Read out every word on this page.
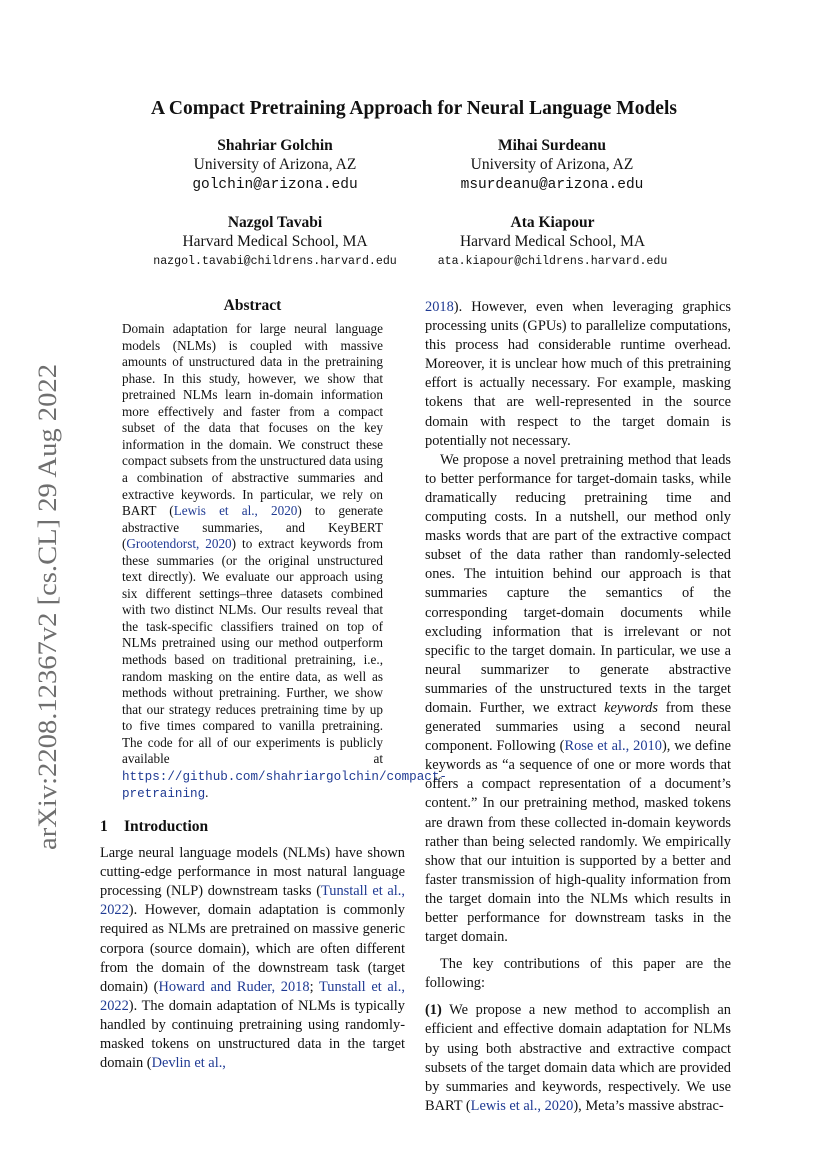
arXiv:2208.12367v2 [cs.CL] 29 Aug 2022
A Compact Pretraining Approach for Neural Language Models
Shahriar Golchin
University of Arizona, AZ
golchin@arizona.edu
Mihai Surdeanu
University of Arizona, AZ
msurdeanu@arizona.edu
Nazgol Tavabi
Harvard Medical School, MA
nazgol.tavabi@childrens.harvard.edu
Ata Kiapour
Harvard Medical School, MA
ata.kiapour@childrens.harvard.edu
Abstract
Domain adaptation for large neural language models (NLMs) is coupled with massive amounts of unstructured data in the pretraining phase. In this study, however, we show that pretrained NLMs learn in-domain information more effectively and faster from a compact subset of the data that focuses on the key information in the domain. We construct these compact subsets from the unstructured data using a combination of abstractive summaries and extractive keywords. In particular, we rely on BART (Lewis et al., 2020) to generate abstractive summaries, and KeyBERT (Grootendorst, 2020) to extract keywords from these summaries (or the original unstructured text directly). We evaluate our approach using six different settings–three datasets combined with two distinct NLMs. Our results reveal that the task-specific classifiers trained on top of NLMs pretrained using our method outperform methods based on traditional pretraining, i.e., random masking on the entire data, as well as methods without pretraining. Further, we show that our strategy reduces pretraining time by up to five times compared to vanilla pretraining. The code for all of our experiments is publicly available at https://github.com/shahriargolchin/compact-pretraining.
1 Introduction

Large neural language models (NLMs) have shown cutting-edge performance in most natural language processing (NLP) downstream tasks (Tunstall et al., 2022). However, domain adaptation is commonly required as NLMs are pretrained on massive generic corpora (source domain), which are often different from the domain of the downstream task (target domain) (Howard and Ruder, 2018; Tunstall et al., 2022). The domain adaptation of NLMs is typically handled by continuing pretraining using randomly-masked tokens on unstructured data in the target domain (Devlin et al.,

2018). However, even when leveraging graphics processing units (GPUs) to parallelize computations, this process had considerable runtime overhead. Moreover, it is unclear how much of this pretraining effort is actually necessary. For example, masking tokens that are well-represented in the source domain with respect to the target domain is potentially not necessary.

We propose a novel pretraining method that leads to better performance for target-domain tasks, while dramatically reducing pretraining time and computing costs. In a nutshell, our method only masks words that are part of the extractive compact subset of the data rather than randomly-selected ones. The intuition behind our approach is that summaries capture the semantics of the corresponding target-domain documents while excluding information that is irrelevant or not specific to the target domain. In particular, we use a neural summarizer to generate abstractive summaries of the unstructured texts in the target domain. Further, we extract keywords from these generated summaries using a second neural component. Following (Rose et al., 2010), we define keywords as “a sequence of one or more words that offers a compact representation of a document’s content.” In our pretraining method, masked tokens are drawn from these collected in-domain keywords rather than being selected randomly. We empirically show that our intuition is supported by a better and faster transmission of high-quality information from the target domain into the NLMs which results in better performance for downstream tasks in the target domain.

The key contributions of this paper are the following:

(1) We propose a new method to accomplish an efficient and effective domain adaptation for NLMs by using both abstractive and extractive compact subsets of the target domain data which are provided by summaries and keywords, respectively. We use BART (Lewis et al., 2020), Meta’s massive abstrac-
